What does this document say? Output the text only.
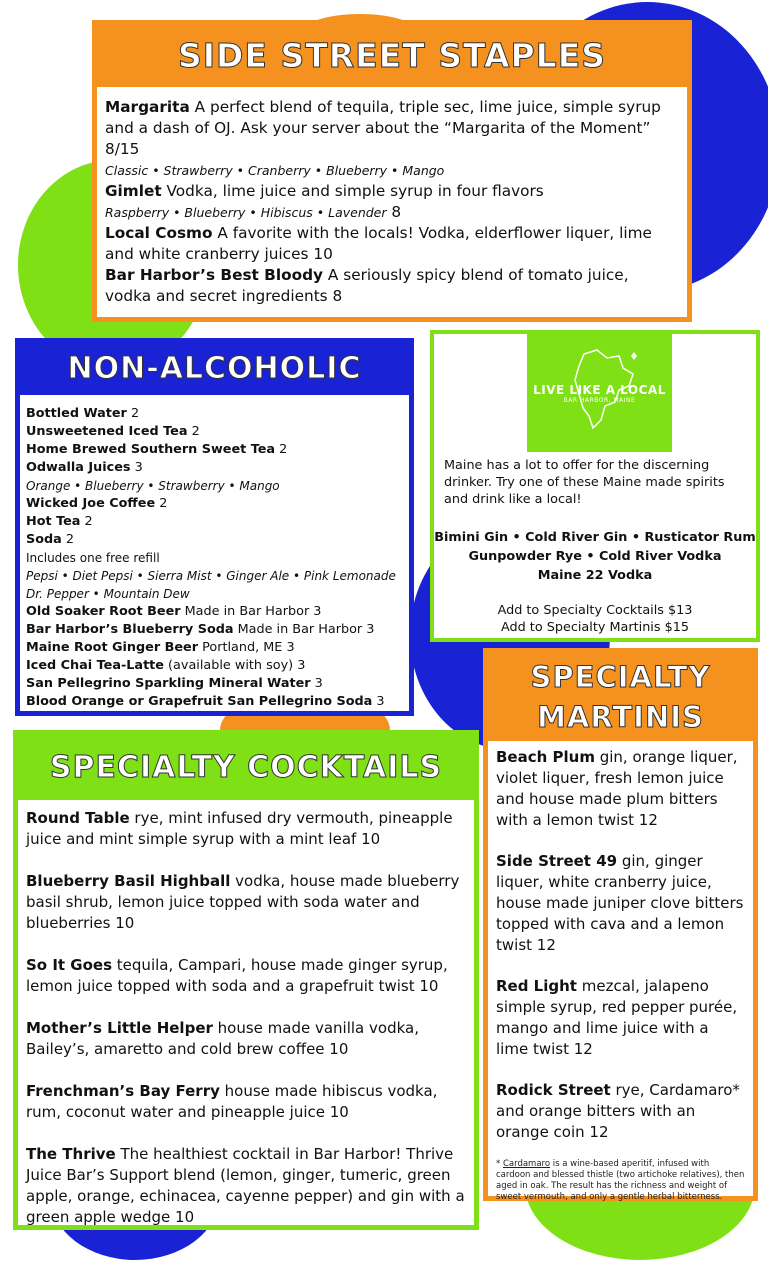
SIDE STREET STAPLES
Margarita A perfect blend of tequila, triple sec, lime juice, simple syrup and a dash of OJ. Ask your server about the “Margarita of the Moment” 8/15
Classic • Strawberry • Cranberry • Blueberry • Mango
Gimlet Vodka, lime juice and simple syrup in four flavors
Raspberry • Blueberry • Hibiscus • Lavender 8
Local Cosmo A favorite with the locals! Vodka, elderflower liquer, lime and white cranberry juices 10
Bar Harbor’s Best Bloody A seriously spicy blend of tomato juice, vodka and secret ingredients 8
NON-ALCOHOLIC
Bottled Water 2
Unsweetened Iced Tea 2
Home Brewed Southern Sweet Tea 2
Odwalla Juices 3
Orange • Blueberry • Strawberry • Mango
Wicked Joe Coffee 2
Hot Tea 2
Soda 2
Includes one free refill
Pepsi • Diet Pepsi • Sierra Mist • Ginger Ale • Pink Lemonade
Dr. Pepper • Mountain Dew
Old Soaker Root Beer Made in Bar Harbor 3
Bar Harbor’s Blueberry Soda Made in Bar Harbor 3
Maine Root Ginger Beer Portland, ME 3
Iced Chai Tea-Latte (available with soy) 3
San Pellegrino Sparkling Mineral Water 3
Blood Orange or Grapefruit San Pellegrino Soda 3
LIVE LIKE A LOCAL
BAR HARBOR, MAINE
Maine has a lot to offer for the discerning drinker. Try one of these Maine made spirits and drink like a local!
Bimini Gin • Cold River Gin • Rusticator Rum
Gunpowder Rye • Cold River Vodka
Maine 22 Vodka
Add to Specialty Cocktails $13
Add to Specialty Martinis $15
SPECIALTY
MARTINIS
Beach Plum gin, orange liquer, violet liquer, fresh lemon juice and house made plum bitters with a lemon twist 12
Side Street 49 gin, ginger liquer, white cranberry juice, house made juniper clove bitters topped with cava and a lemon twist 12
Red Light mezcal, jalapeno simple syrup, red pepper purée, mango and lime juice with a lime twist 12
Rodick Street rye, Cardamaro* and orange bitters with an orange coin 12
* Cardamaro is a wine-based aperitif, infused with cardoon and blessed thistle (two artichoke relatives), then aged in oak. The result has the richness and weight of sweet vermouth, and only a gentle herbal bitterness.
SPECIALTY COCKTAILS
Round Table rye, mint infused dry vermouth, pineapple juice and mint simple syrup with a mint leaf 10
Blueberry Basil Highball vodka, house made blueberry basil shrub, lemon juice topped with soda water and blueberries 10
So It Goes tequila, Campari, house made ginger syrup, lemon juice topped with soda and a grapefruit twist 10
Mother’s Little Helper house made vanilla vodka, Bailey’s, amaretto and cold brew coffee 10
Frenchman’s Bay Ferry house made hibiscus vodka, rum, coconut water and pineapple juice 10
The Thrive The healthiest cocktail in Bar Harbor! Thrive Juice Bar’s Support blend (lemon, ginger, tumeric, green apple, orange, echinacea, cayenne pepper) and gin with a green apple wedge 10
